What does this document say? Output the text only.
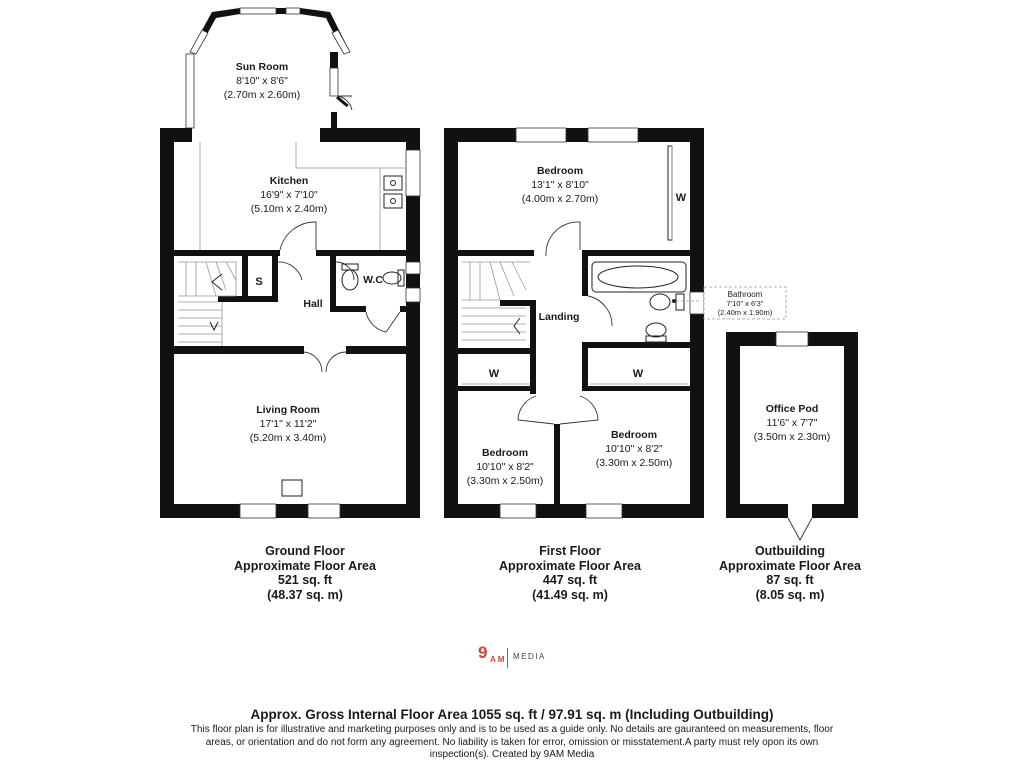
Sun Room
8'10" x 8'6"
(2.70m x 2.60m)
Kitchen
16'9" x 7'10"
(5.10m x 2.40m)
S
Hall
W.C
Living Room
17'1" x 11'2"
(5.20m x 3.40m)
Bedroom
13'1" x 8'10"
(4.00m x 2.70m)	W
Bathroom
7'10" x 6'3"
(2.40m x 1.90m)
Landing
W	W
Bedroom
10'10" x 8'2"
(3.30m x 2.50m)
Bedroom
10'10" x 8'2"
(3.30m x 2.50m)
Office Pod
11'6" x 7'7"
(3.50m x 2.30m)
Ground Floor
Approximate Floor Area
521 sq. ft
(48.37 sq. m)
First Floor
Approximate Floor Area
447 sq. ft
(41.49 sq. m)
Outbuilding
Approximate Floor Area
87 sq. ft
(8.05 sq. m)
9 A M MEDIA
Approx. Gross Internal Floor Area 1055 sq. ft / 97.91 sq. m (Including Outbuilding)
This floor plan is for illustrative and marketing purposes only and is to be used as a guide only. No details are gauranteed on measurements, floor areas, or orientation and do not form any agreement. No liability is taken for error, omission or misstatement.A party must rely opon its own inspection(s). Created by 9AM Media
